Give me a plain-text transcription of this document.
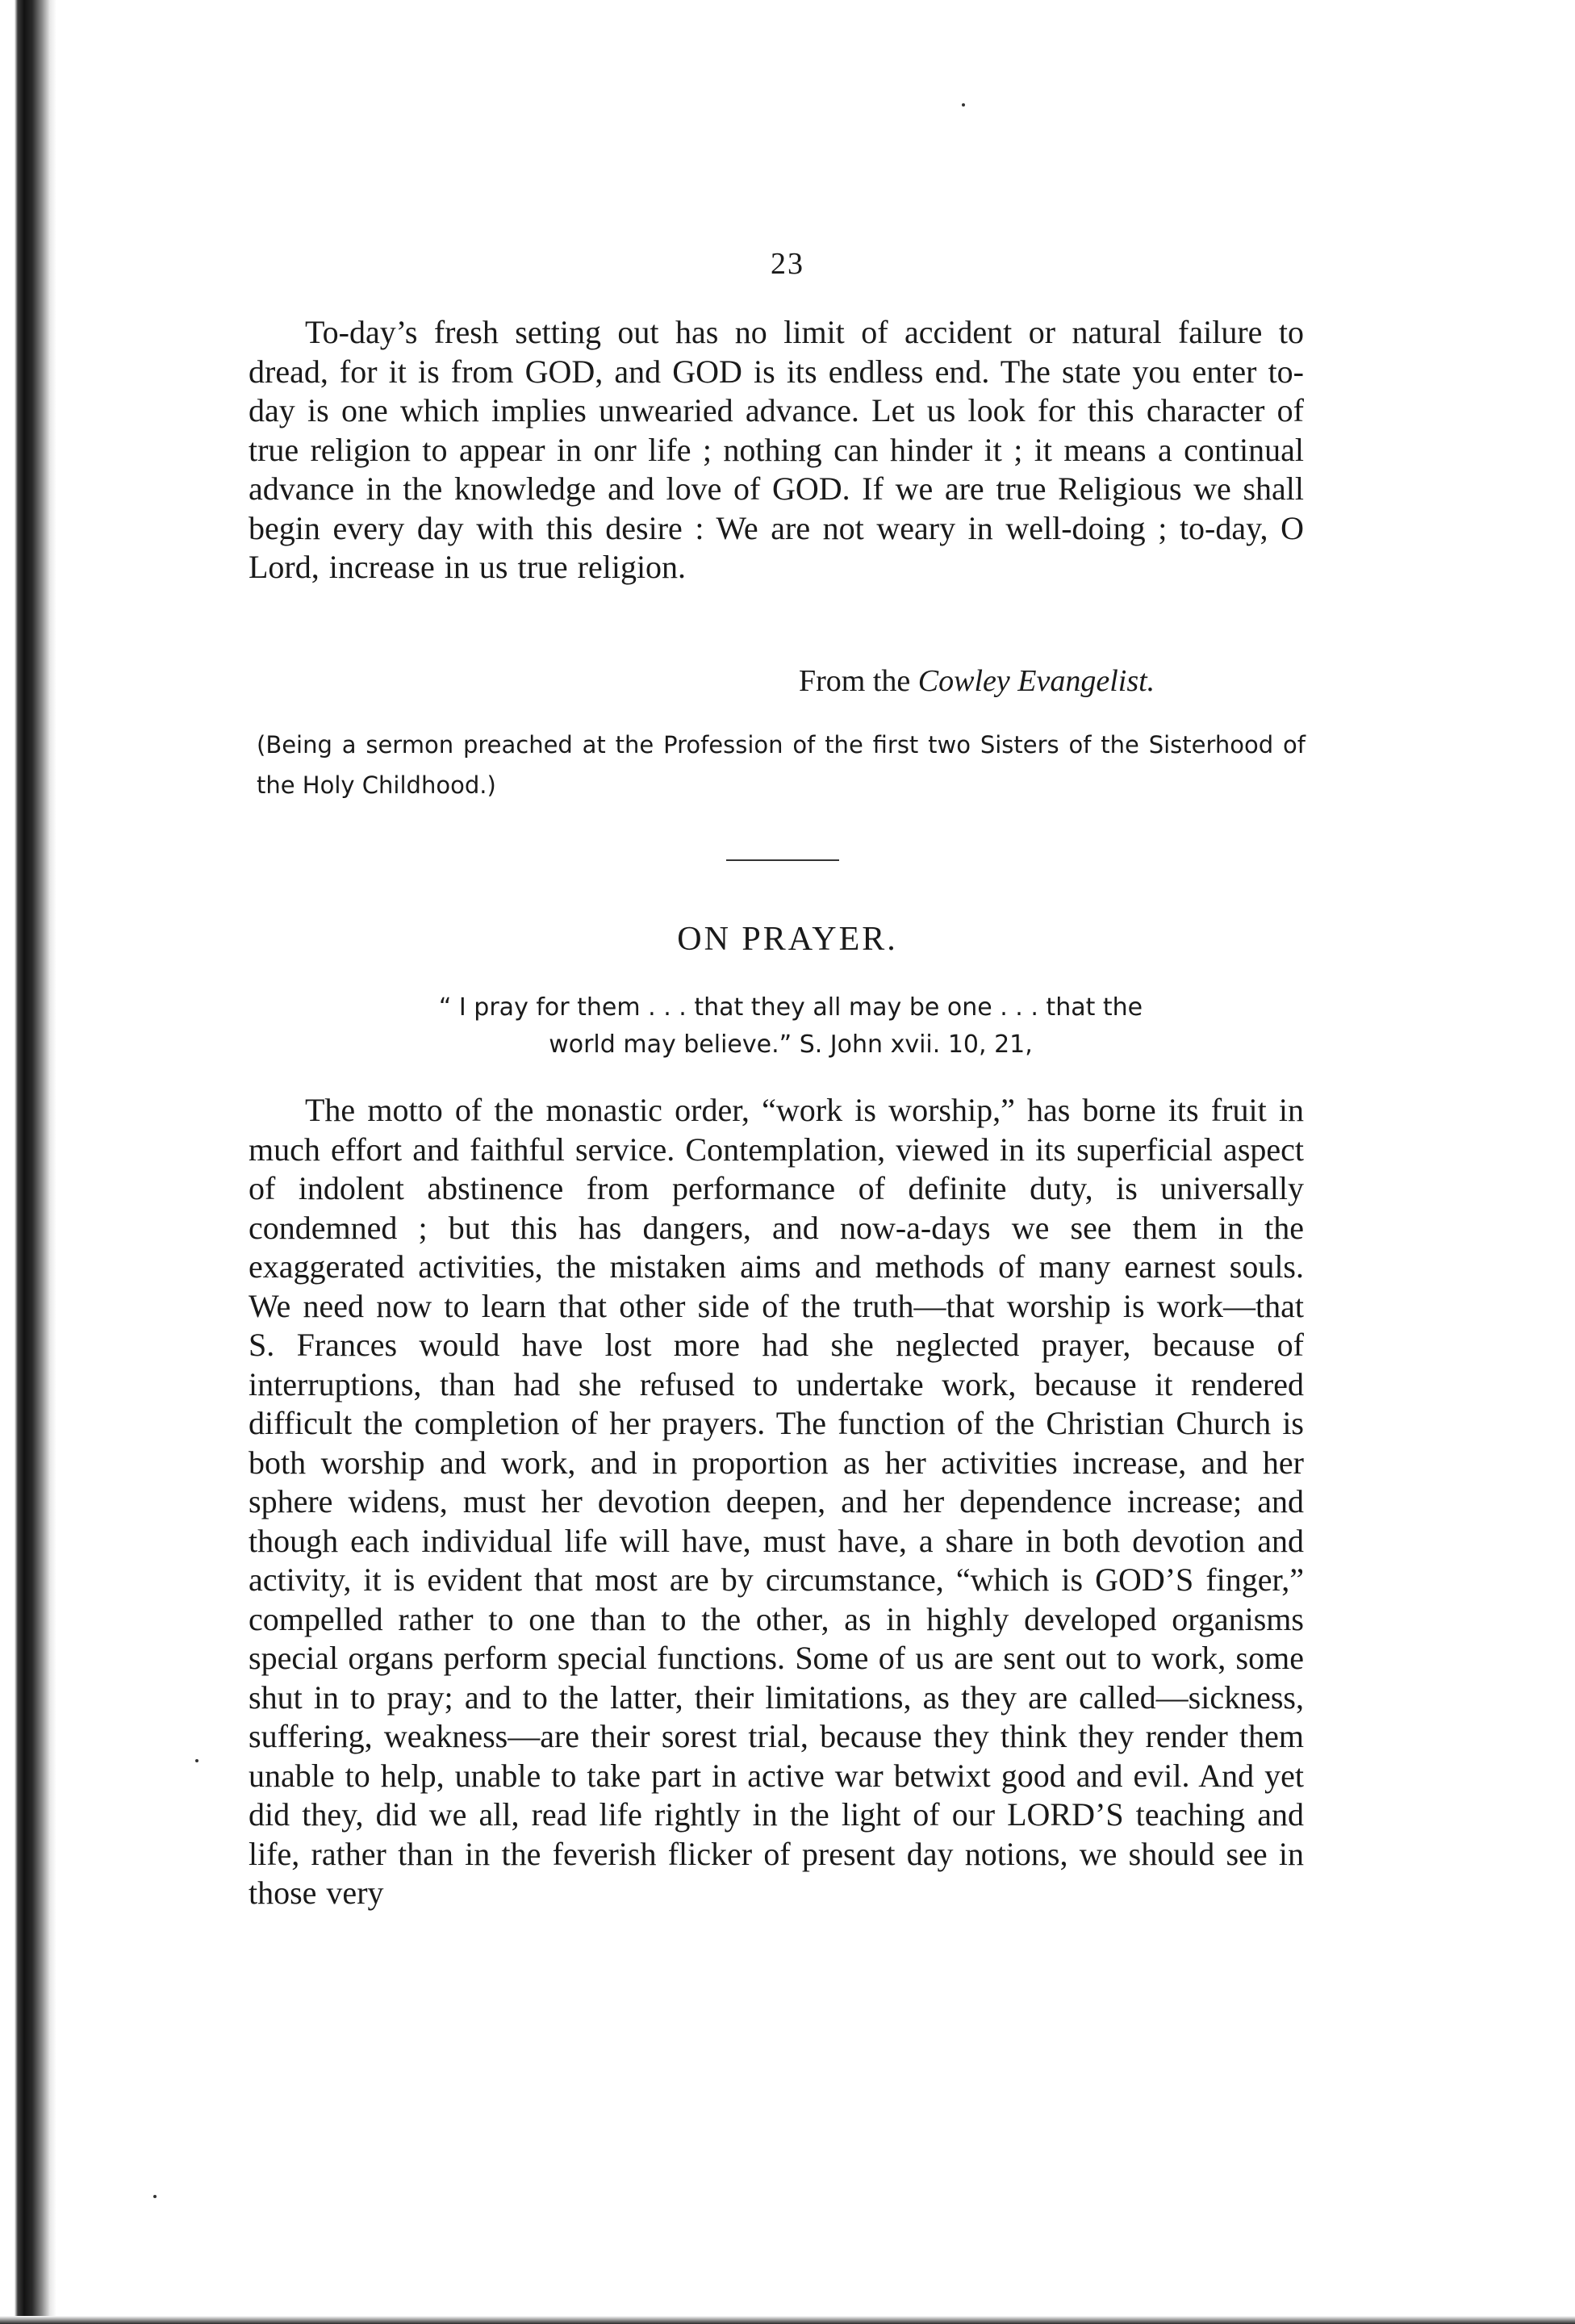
23

To-day’s fresh setting out has no limit of accident or natural failure to dread, for it is from GOD, and GOD is its endless end. The state you enter to-day is one which implies unwearied advance. Let us look for this character of true religion to appear in onr life ; nothing can hinder it ; it means a continual advance in the knowledge and love of GOD. If we are true Religious we shall begin every day with this desire : We are not weary in well-doing ; to-day, O Lord, increase in us true religion.

From the Cowley Evangelist.
(Being a sermon preached at the Profession of the first two Sisters of the Sisterhood of the Holy Childhood.)
ON PRAYER.
“ I pray for them . . . that they all may be one . . . that the
world may believe.” S. John xvii. 10, 21,

The motto of the monastic order, “work is worship,” has borne its fruit in much effort and faithful service. Contemplation, viewed in its superficial aspect of indolent abstinence from performance of definite duty, is universally condemned ; but this has dangers, and now-a-days we see them in the exaggerated activities, the mistaken aims and methods of many earnest souls. We need now to learn that other side of the truth—that worship is work—that S. Frances would have lost more had she neglected prayer, because of interruptions, than had she refused to undertake work, because it rendered difficult the completion of her prayers. The function of the Christian Church is both worship and work, and in proportion as her activities increase, and her sphere widens, must her devotion deepen, and her dependence increase; and though each individual life will have, must have, a share in both devotion and activity, it is evident that most are by circumstance, “which is GOD’S finger,” compelled rather to one than to the other, as in highly developed organisms special organs perform special functions. Some of us are sent out to work, some shut in to pray; and to the latter, their limitations, as they are called—sickness, suffering, weakness—are their sorest trial, because they think they render them unable to help, unable to take part in active war betwixt good and evil. And yet did they, did we all, read life rightly in the light of our LORD’S teaching and life, rather than in the feverish flicker of present day notions, we should see in those very
